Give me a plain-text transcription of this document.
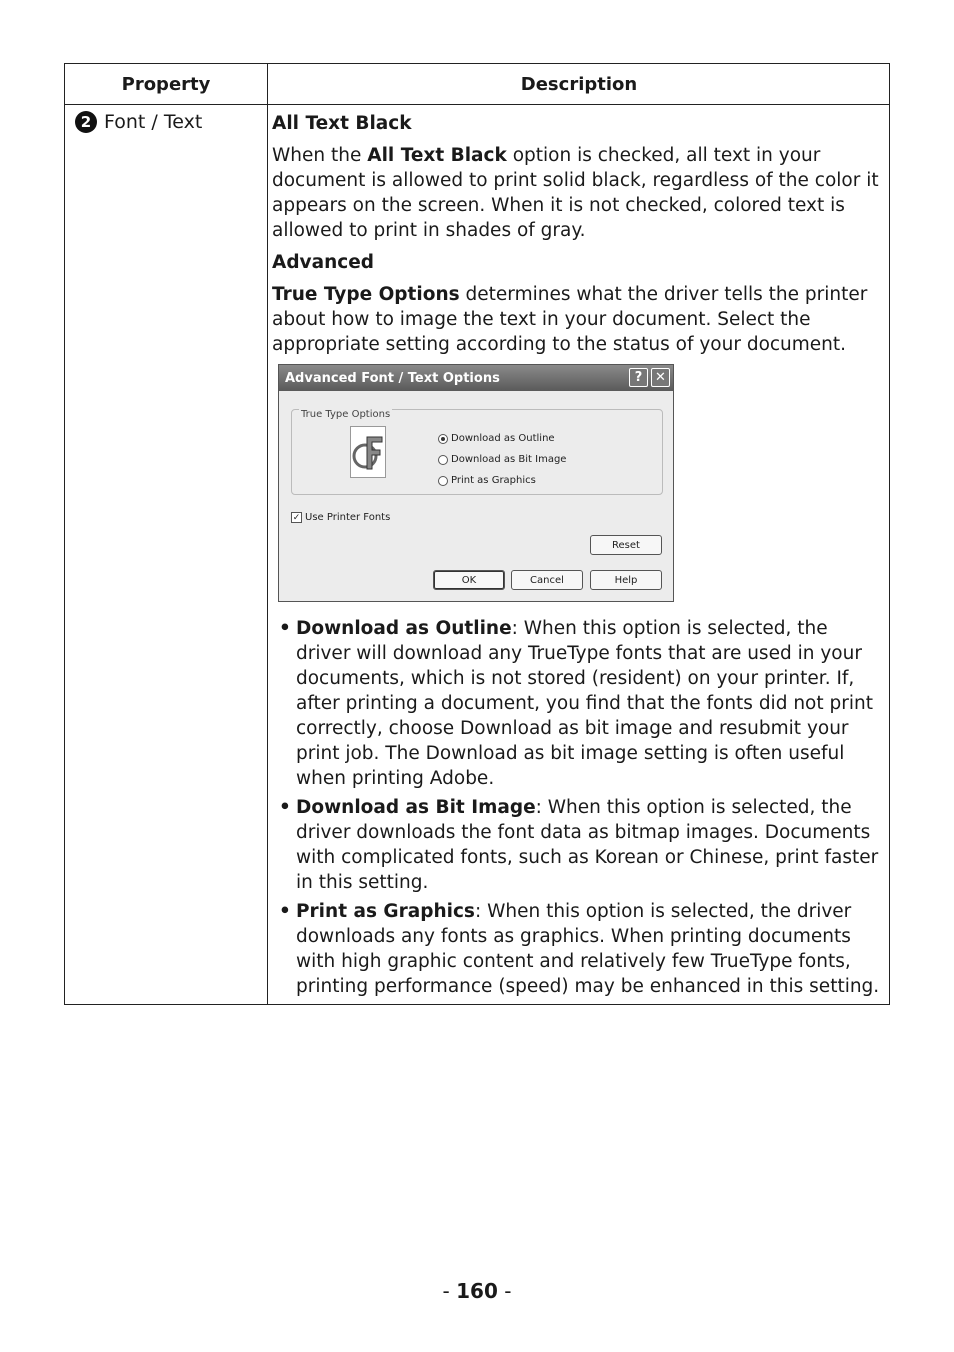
Property	Description
2 Font / Text	All Text Black

When the All Text Black option is checked, all text in your document is allowed to print solid black, regardless of the color it appears on the screen. When it is not checked, colored text is allowed to print in shades of gray.

Advanced

True Type Options determines what the driver tells the printer about how to image the text in your document. Select the appropriate setting according to the status of your document.

Advanced Font / Text Options	? ✕
True Type Options
Download as Outline
Download as Bit Image
Print as Graphics
✓ Use Printer Fonts
Reset
OK	Cancel	Help
• Download as Outline: When this option is selected, the driver will download any TrueType fonts that are used in your documents, which is not stored (resident) on your printer. If, after printing a document, you find that the fonts did not print correctly, choose Download as bit image and resubmit your print job. The Download as bit image setting is often useful when printing Adobe.
• Download as Bit Image: When this option is selected, the driver downloads the font data as bitmap images. Documents with complicated fonts, such as Korean or Chinese, print faster in this setting.
• Print as Graphics: When this option is selected, the driver downloads any fonts as graphics. When printing documents with high graphic content and relatively few TrueType fonts, printing performance (speed) may be enhanced in this setting.
- 160 -
